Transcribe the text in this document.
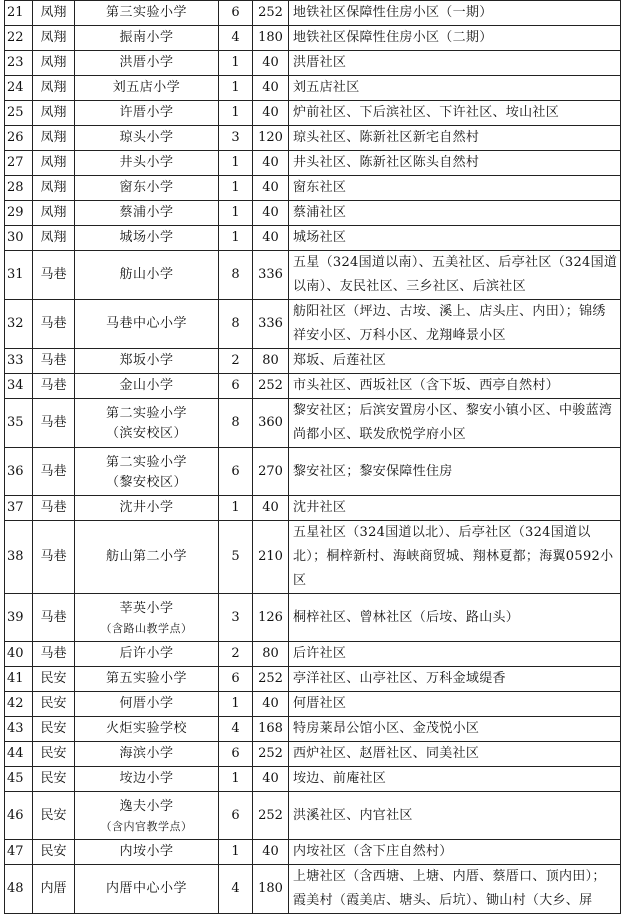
21	凤翔	第三实验小学	6	252	地铁社区保障性住房小区（一期）
22	凤翔	振南小学	4	180	地铁社区保障性住房小区（二期）
23	凤翔	洪厝小学	1	40	洪厝社区
24	凤翔	刘五店小学	1	40	刘五店社区
25	凤翔	许厝小学	1	40	炉前社区、下后滨社区、下许社区、垵山社区
26	凤翔	琼头小学	3	120	琼头社区、陈新社区新宅自然村
27	凤翔	井头小学	1	40	井头社区、陈新社区陈头自然村
28	凤翔	窗东小学	1	40	窗东社区
29	凤翔	蔡浦小学	1	40	蔡浦社区
30	凤翔	城场小学	1	40	城场社区
31	马巷	舫山小学	8	336	五星（324国道以南）、五美社区、后亭社区（324国道以南）、友民社区、三乡社区、后滨社区
32	马巷	马巷中心小学	8	336	舫阳社区（坪边、古垵、溪上、店头庄、内田）；锦绣祥安小区、万科小区、龙翔峰景小区
33	马巷	郑坂小学	2	80	郑坂、后莲社区
34	马巷	金山小学	6	252	市头社区、西坂社区（含下坂、西亭自然村）
35	马巷	第二实验小学
（滨安校区）	8	360	黎安社区；后滨安置房小区、黎安小镇小区、中骏蓝湾尚都小区、联发欣悦学府小区
36	马巷	第二实验小学
（黎安校区）	6	270	黎安社区；黎安保障性住房
37	马巷	沈井小学	1	40	沈井社区
38	马巷	舫山第二小学	5	210	五星社区（324国道以北）、后亭社区（324国道以北）；桐梓新村、海峡商贸城、翔林夏都；海翼0592小区
39	马巷	莘英小学
（含路山教学点）	3	126	桐梓社区、曾林社区（后垵、路山头）
40	马巷	后许小学	2	80	后许社区
41	民安	第五实验小学	6	252	亭洋社区、山亭社区、万科金域缇香
42	民安	何厝小学	1	40	何厝社区
43	民安	火炬实验学校	4	168	特房莱昂公馆小区、金茂悦小区
44	民安	海滨小学	6	252	西炉社区、赵厝社区、同美社区
45	民安	垵边小学	1	40	垵边、前庵社区
46	民安	逸夫小学
（含内官教学点）	6	252	洪溪社区、内官社区
47	民安	内垵小学	1	40	内垵社区（含下庄自然村）
48	内厝	内厝中心小学	4	180	上塘社区（含西塘、上塘、内厝、蔡厝口、顶内田）；霞美村（霞美店、塘头、后坑）、锄山村（大乡、屏
